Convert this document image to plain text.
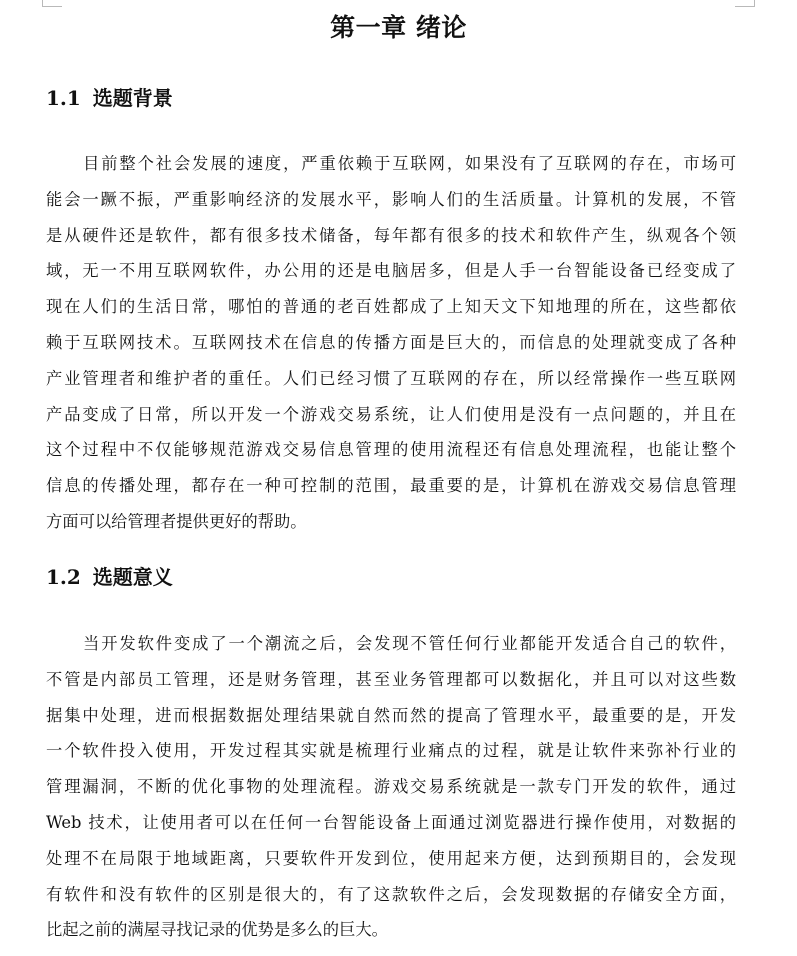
第一章 绪论
1.1 选题背景
目前整个社会发展的速度，严重依赖于互联网，如果没有了互联网的存在，市场可
能会一蹶不振，严重影响经济的发展水平，影响人们的生活质量。计算机的发展，不管
是从硬件还是软件，都有很多技术储备，每年都有很多的技术和软件产生，纵观各个领
域，无一不用互联网软件，办公用的还是电脑居多，但是人手一台智能设备已经变成了
现在人们的生活日常，哪怕的普通的老百姓都成了上知天文下知地理的所在，这些都依
赖于互联网技术。互联网技术在信息的传播方面是巨大的，而信息的处理就变成了各种
产业管理者和维护者的重任。人们已经习惯了互联网的存在，所以经常操作一些互联网
产品变成了日常，所以开发一个游戏交易系统，让人们使用是没有一点问题的，并且在
这个过程中不仅能够规范游戏交易信息管理的使用流程还有信息处理流程，也能让整个
信息的传播处理，都存在一种可控制的范围，最重要的是，计算机在游戏交易信息管理
方面可以给管理者提供更好的帮助。
1.2 选题意义
当开发软件变成了一个潮流之后，会发现不管任何行业都能开发适合自己的软件，
不管是内部员工管理，还是财务管理，甚至业务管理都可以数据化，并且可以对这些数
据集中处理，进而根据数据处理结果就自然而然的提高了管理水平，最重要的是，开发
一个软件投入使用，开发过程其实就是梳理行业痛点的过程，就是让软件来弥补行业的
管理漏洞，不断的优化事物的处理流程。游戏交易系统就是一款专门开发的软件，通过
Web 技术，让使用者可以在任何一台智能设备上面通过浏览器进行操作使用，对数据的
处理不在局限于地域距离，只要软件开发到位，使用起来方便，达到预期目的，会发现
有软件和没有软件的区别是很大的，有了这款软件之后，会发现数据的存储安全方面，
比起之前的满屋寻找记录的优势是多么的巨大。
